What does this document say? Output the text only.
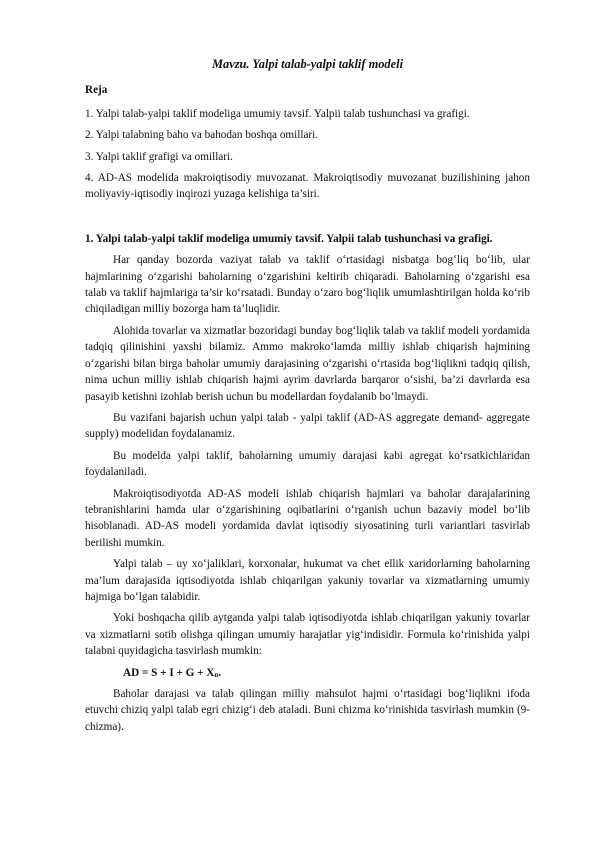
Mavzu. Yalpi talab-yalpi taklif modeli
Reja
1. Yalpi talab-yalpi taklif modeliga umumiy tavsif. Yalpii talab tushunchasi va grafigi.
2. Yalpi talabning baho va bahodan boshqa omillari.
3. Yalpi taklif grafigi va omillari.
4. AD-AS modelida makroiqtisodiy muvozanat. Makroiqtisodiy muvozanat buzilishining jahon moliyaviy-iqtisodiy inqirozi yuzaga kelishiga ta’siri.
1. Yalpi talab-yalpi taklif modeliga umumiy tavsif. Yalpii talab tushunchasi va grafigi.
Har qanday bozorda vaziyat talab va taklif o‘rtasidagi nisbatga bog‘liq bo‘lib, ular hajmlarining o‘zgarishi baholarning o‘zgarishini keltirib chiqaradi. Baholarning o‘zgarishi esa talab va taklif hajmlariga ta’sir ko‘rsatadi. Bunday o‘zaro bog‘liqlik umumlashtirilgan holda ko‘rib chiqiladigan milliy bozorga ham ta’luqlidir.
Alohida tovarlar va xizmatlar bozoridagi bunday bog‘liqlik talab va taklif modeli yordamida tadqiq qilinishini yaxshi bilamiz. Ammo makroko‘lamda milliy ishlab chiqarish hajmining o‘zgarishi bilan birga baholar umumiy darajasining o‘zgarishi o‘rtasida bog‘liqlikni tadqiq qilish, nima uchun milliy ishlab chiqarish hajmi ayrim davrlarda barqaror o‘sishi, ba’zi davrlarda esa pasayib ketishni izohlab berish uchun bu modellardan foydalanib bo‘lmaydi.
Bu vazifani bajarish uchun yalpi talab - yalpi taklif (AD-AS aggregate demand- aggregate supply) modelidan foydalanamiz.
Bu modelda yalpi taklif, baholarning umumiy darajasi kabi agregat ko‘rsatkichlaridan foydalaniladi.
Makroiqtisodiyotda AD-AS modeli ishlab chiqarish hajmlari va baholar darajalarining tebranishlarini hamda ular o‘zgarishining oqibatlarini o‘rganish uchun bazaviy model bo‘lib hisoblanadi. AD-AS modeli yordamida davlat iqtisodiy siyosatining turli variantlari tasvirlab berilishi mumkin.
Yalpi talab – uy xo‘jaliklari, korxonalar, hukumat va chet ellik xaridorlarning baholarning ma’lum darajasida iqtisodiyotda ishlab chiqarilgan yakuniy tovarlar va xizmatlarning umumiy hajmiga bo‘lgan talabidir.
Yoki boshqacha qilib aytganda yalpi talab iqtisodiyotda ishlab chiqarilgan yakuniy tovarlar va xizmatlarni sotib olishga qilingan umumiy harajatlar yig‘indisidir. Formula ko‘rinishida yalpi talabni quyidagicha tasvirlash mumkin:
AD = $S + I + G + X_n$.
Baholar darajasi va talab qilingan milliy mahsulot hajmi o‘rtasidagi bog‘liqlikni ifoda etuvchi chiziq yalpi talab egri chizig‘i deb ataladi. Buni chizma ko‘rinishida tasvirlash mumkin (9-chizma).
